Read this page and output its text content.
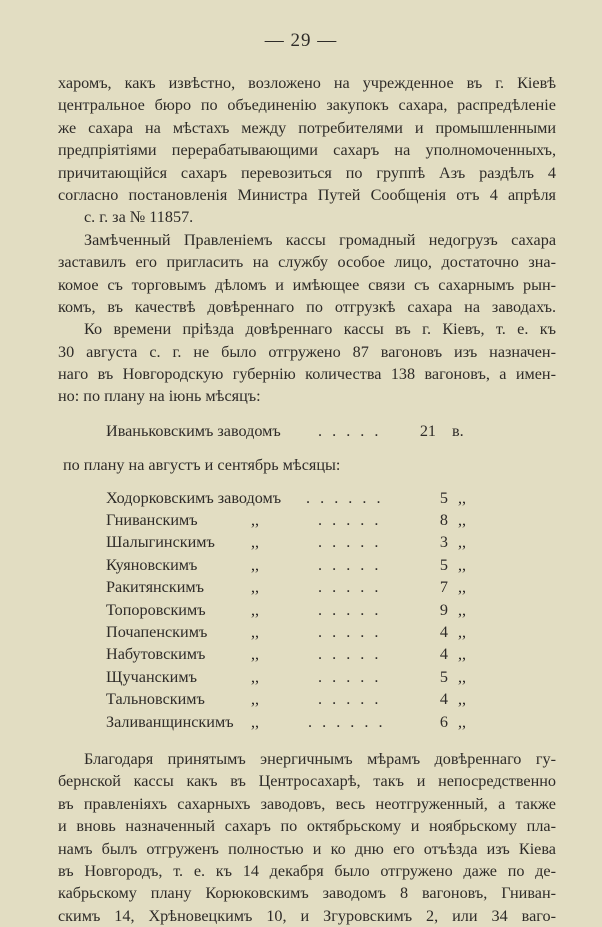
— 29 —
харомъ, какъ извѣстно, возложено на учрежденное въ г. Кіевѣ
центральное бюро по объединенію закупокъ сахара, распредѣленіе
же сахара на мѣстахъ между потребителями и промышленными
предпріятіями перерабатывающими сахаръ на уполномоченныхъ,
причитающійся сахаръ перевозиться по группѣ Азъ раздѣлъ 4
согласно постановленія Министра Путей Сообщенія отъ 4 апрѣля
с. г. за № 11857.
Замѣченный Правленіемъ кассы громадный недогрузъ сахара
заставилъ его пригласить на службу особое лицо, достаточно зна-
комое съ торговымъ дѣломъ и имѣющее связи съ сахарнымъ рын-
комъ, въ качествѣ довѣреннаго по отгрузкѣ сахара на заводахъ.
Ко времени пріѣзда довѣреннаго кассы въ г. Кіевъ, т. е. къ
30 августа с. г. не было отгружено 87 вагоновъ изъ назначен-
наго въ Новгородскую губернію количества 138 вагоновъ, а имен-
но: по плану на іюнь мѣсяцъ:
Иваньковскимъ заводомъ . . . . .	21 в.
по плану на августъ и сентябрь мѣсяцы:
Ходорковскимъ заводомъ . . . . . .	5 ,,
Гниванскимъ	,,	. . . . .	8 ,,
Шалыгинскимъ ,,	. . . . .	3 ,,
Куяновскимъ	,,	. . . . .	5 ,,
Ракитянскимъ	,,	. . . . .	7 ,,
Топоровскимъ	,,	. . . . .	9 ,,
Почапенскимъ	,,	. . . . .	4 ,,
Набутовскимъ	,,	. . . . .	4 ,,
Щучанскимъ	,,	. . . . .	5 ,,
Тальновскимъ	,,	. . . . .	4 ,,
Заливанщинскимъ ,,	. . . . . .	6 ,,
Благодаря принятымъ энергичнымъ мѣрамъ довѣреннаго гу-
бернской кассы какъ въ Центросахарѣ, такъ и непосредственно
въ правленіяхъ сахарныхъ заводовъ, весь неотгруженный, а также
и вновь назначенный сахаръ по октябрьскому и ноябрьскому пла-
намъ былъ отгруженъ полностью и ко дню его отъѣзда изъ Кіева
въ Новгородъ, т. е. къ 14 декабря было отгружено даже по де-
кабрьскому плану Корюковскимъ заводомъ 8 вагоновъ, Гниван-
скимъ 14, Хрѣновецкимъ 10, и Згуровскимъ 2, или 34 ваго-
